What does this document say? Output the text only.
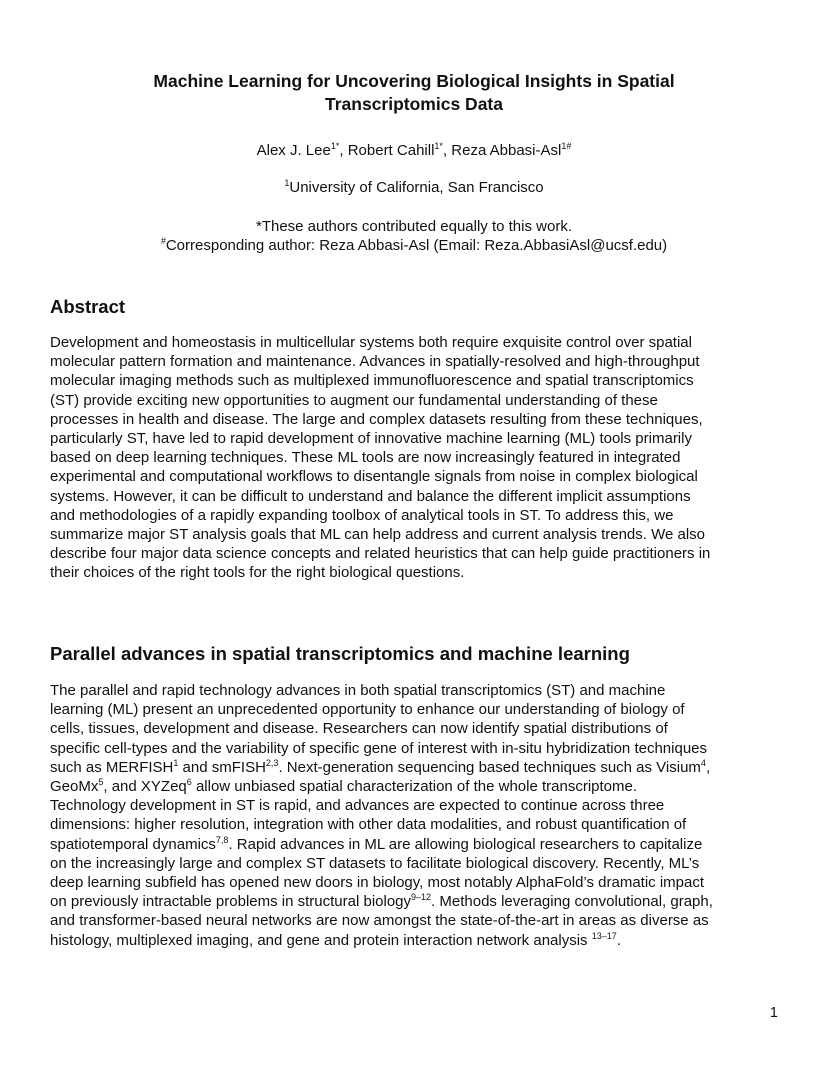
Machine Learning for Uncovering Biological Insights in Spatial
Transcriptomics Data
Alex J. Lee$^{1*}$, Robert Cahill$^{1*}$, Reza Abbasi-Asl$^{1\#}$
$^1$University of California, San Francisco
*These authors contributed equally to this work.
#Corresponding author: Reza Abbasi-Asl (Email: Reza.AbbasiAsl@ucsf.edu)
Abstract
Development and homeostasis in multicellular systems both require exquisite control over spatial
molecular pattern formation and maintenance. Advances in spatially-resolved and high-throughput
molecular imaging methods such as multiplexed immunofluorescence and spatial transcriptomics
(ST) provide exciting new opportunities to augment our fundamental understanding of these
processes in health and disease. The large and complex datasets resulting from these techniques,
particularly ST, have led to rapid development of innovative machine learning (ML) tools primarily
based on deep learning techniques. These ML tools are now increasingly featured in integrated
experimental and computational workflows to disentangle signals from noise in complex biological
systems. However, it can be difficult to understand and balance the different implicit assumptions
and methodologies of a rapidly expanding toolbox of analytical tools in ST. To address this, we
summarize major ST analysis goals that ML can help address and current analysis trends. We also
describe four major data science concepts and related heuristics that can help guide practitioners in
their choices of the right tools for the right biological questions.
Parallel advances in spatial transcriptomics and machine learning
The parallel and rapid technology advances in both spatial transcriptomics (ST) and machine
learning (ML) present an unprecedented opportunity to enhance our understanding of biology of
cells, tissues, development and disease. Researchers can now identify spatial distributions of
specific cell-types and the variability of specific gene of interest with in-situ hybridization techniques
such as MERFISH$^1$ and smFISH$^{2,3}$. Next-generation sequencing based techniques such as Visium$^4$,
GeoMx$^5$, and XYZeq$^6$ allow unbiased spatial characterization of the whole transcriptome.
Technology development in ST is rapid, and advances are expected to continue across three
dimensions: higher resolution, integration with other data modalities, and robust quantification of
spatiotemporal dynamics$^{7,8}$. Rapid advances in ML are allowing biological researchers to capitalize
on the increasingly large and complex ST datasets to facilitate biological discovery. Recently, ML’s
deep learning subfield has opened new doors in biology, most notably AlphaFold’s dramatic impact
on previously intractable problems in structural biology$^{9-12}$. Methods leveraging convolutional, graph,
and transformer-based neural networks are now amongst the state-of-the-art in areas as diverse as
histology, multiplexed imaging, and gene and protein interaction network analysis $^{13-17}$.
1
